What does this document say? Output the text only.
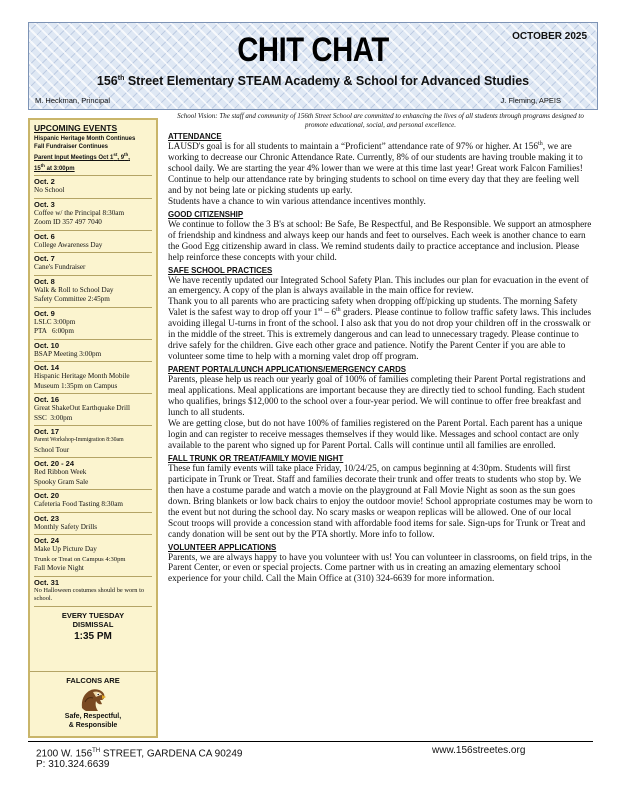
CHIT CHAT	OCTOBER 2025
156th Street Elementary STEAM Academy & School for Advanced Studies
M. Heckman, Principal	J. Fleming, APEIS
UPCOMING EVENTS
Hispanic Heritage Month Continues
Fall Fundraiser Continues
Parent Input Meetings Oct 1st, 9th,
15th at 3:00pm
Oct. 2
No School
Oct. 3
Coffee w/ the Principal 8:30am
Zoom ID 357 497 7040
Oct. 6
College Awareness Day
Oct. 7
Cane's Fundraiser
Oct. 8
Walk & Roll to School Day
Safety Committee 2:45pm
Oct. 9
LSLC 3:00pm
PTA   6:00pm
Oct. 10
BSAP Meeting 3:00pm
Oct. 14
Hispanic Heritage Month Mobile
Museum 1:35pm on Campus
Oct. 16
Great ShakeOut Earthquake Drill
SSC  3:00pm
Oct. 17
Parent Workshop-Immigration 8:30am
School Tour
Oct. 20 - 24
Red Ribbon Week
Spooky Gram Sale
Oct. 20
Cafeteria Food Tasting 8:30am
Oct. 23
Monthly Safety Drills
Oct. 24
Make Up Picture Day
Trunk or Treat on Campus 4:30pm
Fall Movie Night
Oct. 31
No Halloween costumes should be worn to school.
EVERY TUESDAY
DISMISSAL
1:35 PM
FALCONS ARE
Safe, Respectful,
& Responsible
School Vision: The staff and community of 156th Street School are committed to enhancing the lives of all students through programs designed to promote educational, social, and personal excellence.
ATTENDANCE
LAUSD's goal is for all students to maintain a “Proficient” attendance rate of 97% or higher. At 156th, we are working to decrease our Chronic Attendance Rate. Currently, 8% of our students are having trouble making it to school daily. We are starting the year 4% lower than we were at this time last year! Great work Falcon Families! Continue to help our attendance rate by bringing students to school on time every day that they are feeling well and by not being late or picking students up early.
Students have a chance to win various attendance incentives monthly.
GOOD CITIZENSHIP
We continue to follow the 3 B's at school: Be Safe, Be Respectful, and Be Responsible. We support an atmosphere of friendship and kindness and always keep our hands and feet to ourselves. Each week is another chance to earn the Good Egg citizenship award in class. We remind students daily to practice acceptance and inclusion. Please help reinforce these concepts with your child.
SAFE SCHOOL PRACTICES
We have recently updated our Integrated School Safety Plan. This includes our plan for evacuation in the event of an emergency. A copy of the plan is always available in the main office for review.
Thank you to all parents who are practicing safety when dropping off/picking up students. The morning Safety Valet is the safest way to drop off your 1st – 6th graders. Please continue to follow traffic safety laws. This includes avoiding illegal U-turns in front of the school. I also ask that you do not drop your children off in the crosswalk or in the middle of the street. This is extremely dangerous and can lead to unnecessary tragedy. Please continue to drive safely for the children. Give each other grace and patience. Notify the Parent Center if you are able to volunteer some time to help with a morning valet drop off program.
PARENT PORTAL/LUNCH APPLICATIONS/EMERGENCY CARDS
Parents, please help us reach our yearly goal of 100% of families completing their Parent Portal registrations and meal applications. Meal applications are important because they are directly tied to school funding. Each student who qualifies, brings $12,000 to the school over a four-year period. We will continue to offer free breakfast and lunch to all students.
We are getting close, but do not have 100% of families registered on the Parent Portal. Each parent has a unique login and can register to receive messages themselves if they would like. Messages and school contact are only available to the parent who signed up for Parent Portal. Calls will continue until all families are enrolled.
FALL TRUNK OR TREAT/FAMILY MOVIE NIGHT
These fun family events will take place Friday, 10/24/25, on campus beginning at 4:30pm. Students will first participate in Trunk or Treat. Staff and families decorate their trunk and offer treats to students who stop by. We then have a costume parade and watch a movie on the playground at Fall Movie Night as soon as the sun goes down. Bring blankets or low back chairs to enjoy the outdoor movie! School appropriate costumes may be worn to the event but not during the school day. No scary masks or weapon replicas will be allowed. One of our local Scout troops will provide a concession stand with affordable food items for sale. Sign-ups for Trunk or Treat and candy donation will be sent out by the PTA shortly. More info to follow.
VOLUNTEER APPLICATIONS
Parents, we are always happy to have you volunteer with us! You can volunteer in classrooms, on field trips, in the Parent Center, or even or special projects. Come partner with us in creating an amazing elementary school experience for your child. Call the Main Office at (310) 324-6639 for more information.
2100 W. 156TH STREET, GARDENA CA 90249
P: 310.324.6639
www.156streetes.org
